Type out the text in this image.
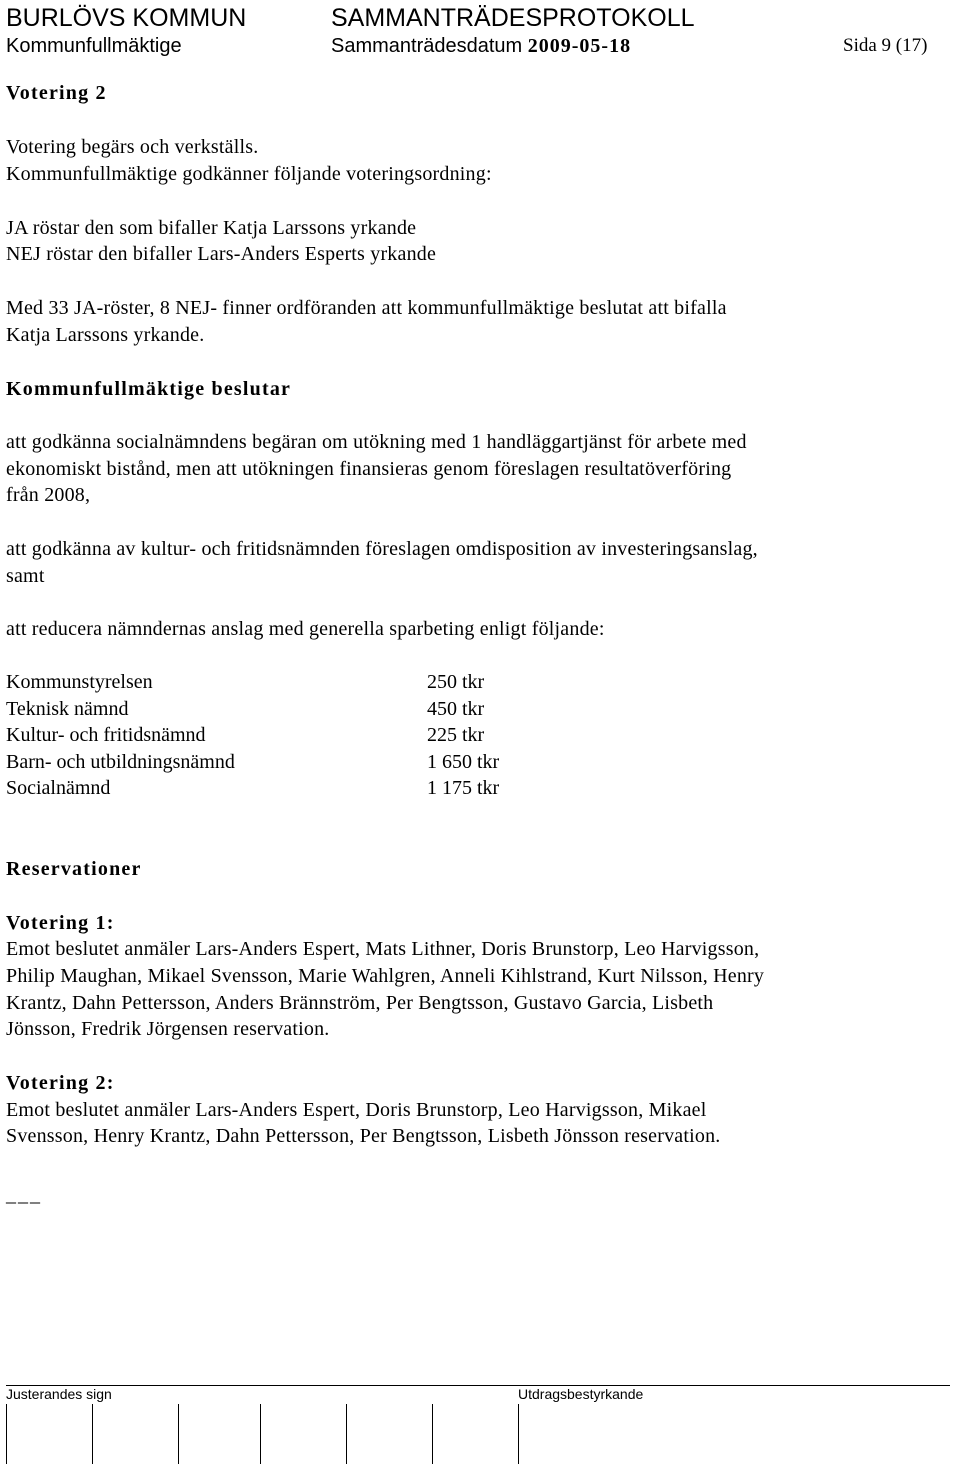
BURLÖVS KOMMUN	SAMMANTRÄDESPROTOKOLL
Kommunfullmäktige	Sammanträdesdatum 2009-05-18	Sida 9 (17)
Votering 2
Votering begärs och verkställs.
Kommunfullmäktige godkänner följande voteringsordning:
JA röstar den som bifaller Katja Larssons yrkande
NEJ röstar den bifaller Lars-Anders Esperts yrkande
Med 33 JA-röster, 8 NEJ- finner ordföranden att kommunfullmäktige beslutat att bifalla
Katja Larssons yrkande.
Kommunfullmäktige beslutar
att godkänna socialnämndens begäran om utökning med 1 handläggartjänst för arbete med
ekonomiskt bistånd, men att utökningen finansieras genom föreslagen resultatöverföring
från 2008,
att godkänna av kultur- och fritidsnämnden föreslagen omdisposition av investeringsanslag,
samt
att reducera nämndernas anslag med generella sparbeting enligt följande:
Kommunstyrelsen	250 tkr
Teknisk nämnd	450 tkr
Kultur- och fritidsnämnd	225 tkr
Barn- och utbildningsnämnd	1 650 tkr
Socialnämnd	1 175 tkr
Reservationer
Votering 1:
Emot beslutet anmäler Lars-Anders Espert, Mats Lithner, Doris Brunstorp, Leo Harvigsson,
Philip Maughan, Mikael Svensson, Marie Wahlgren, Anneli Kihlstrand, Kurt Nilsson, Henry
Krantz, Dahn Pettersson, Anders Brännström, Per Bengtsson, Gustavo Garcia, Lisbeth
Jönsson, Fredrik Jörgensen reservation.
Votering 2:
Emot beslutet anmäler Lars-Anders Espert, Doris Brunstorp, Leo Harvigsson, Mikael
Svensson, Henry Krantz, Dahn Pettersson, Per Bengtsson, Lisbeth Jönsson reservation.
___
Justerandes sign	Utdragsbestyrkande
